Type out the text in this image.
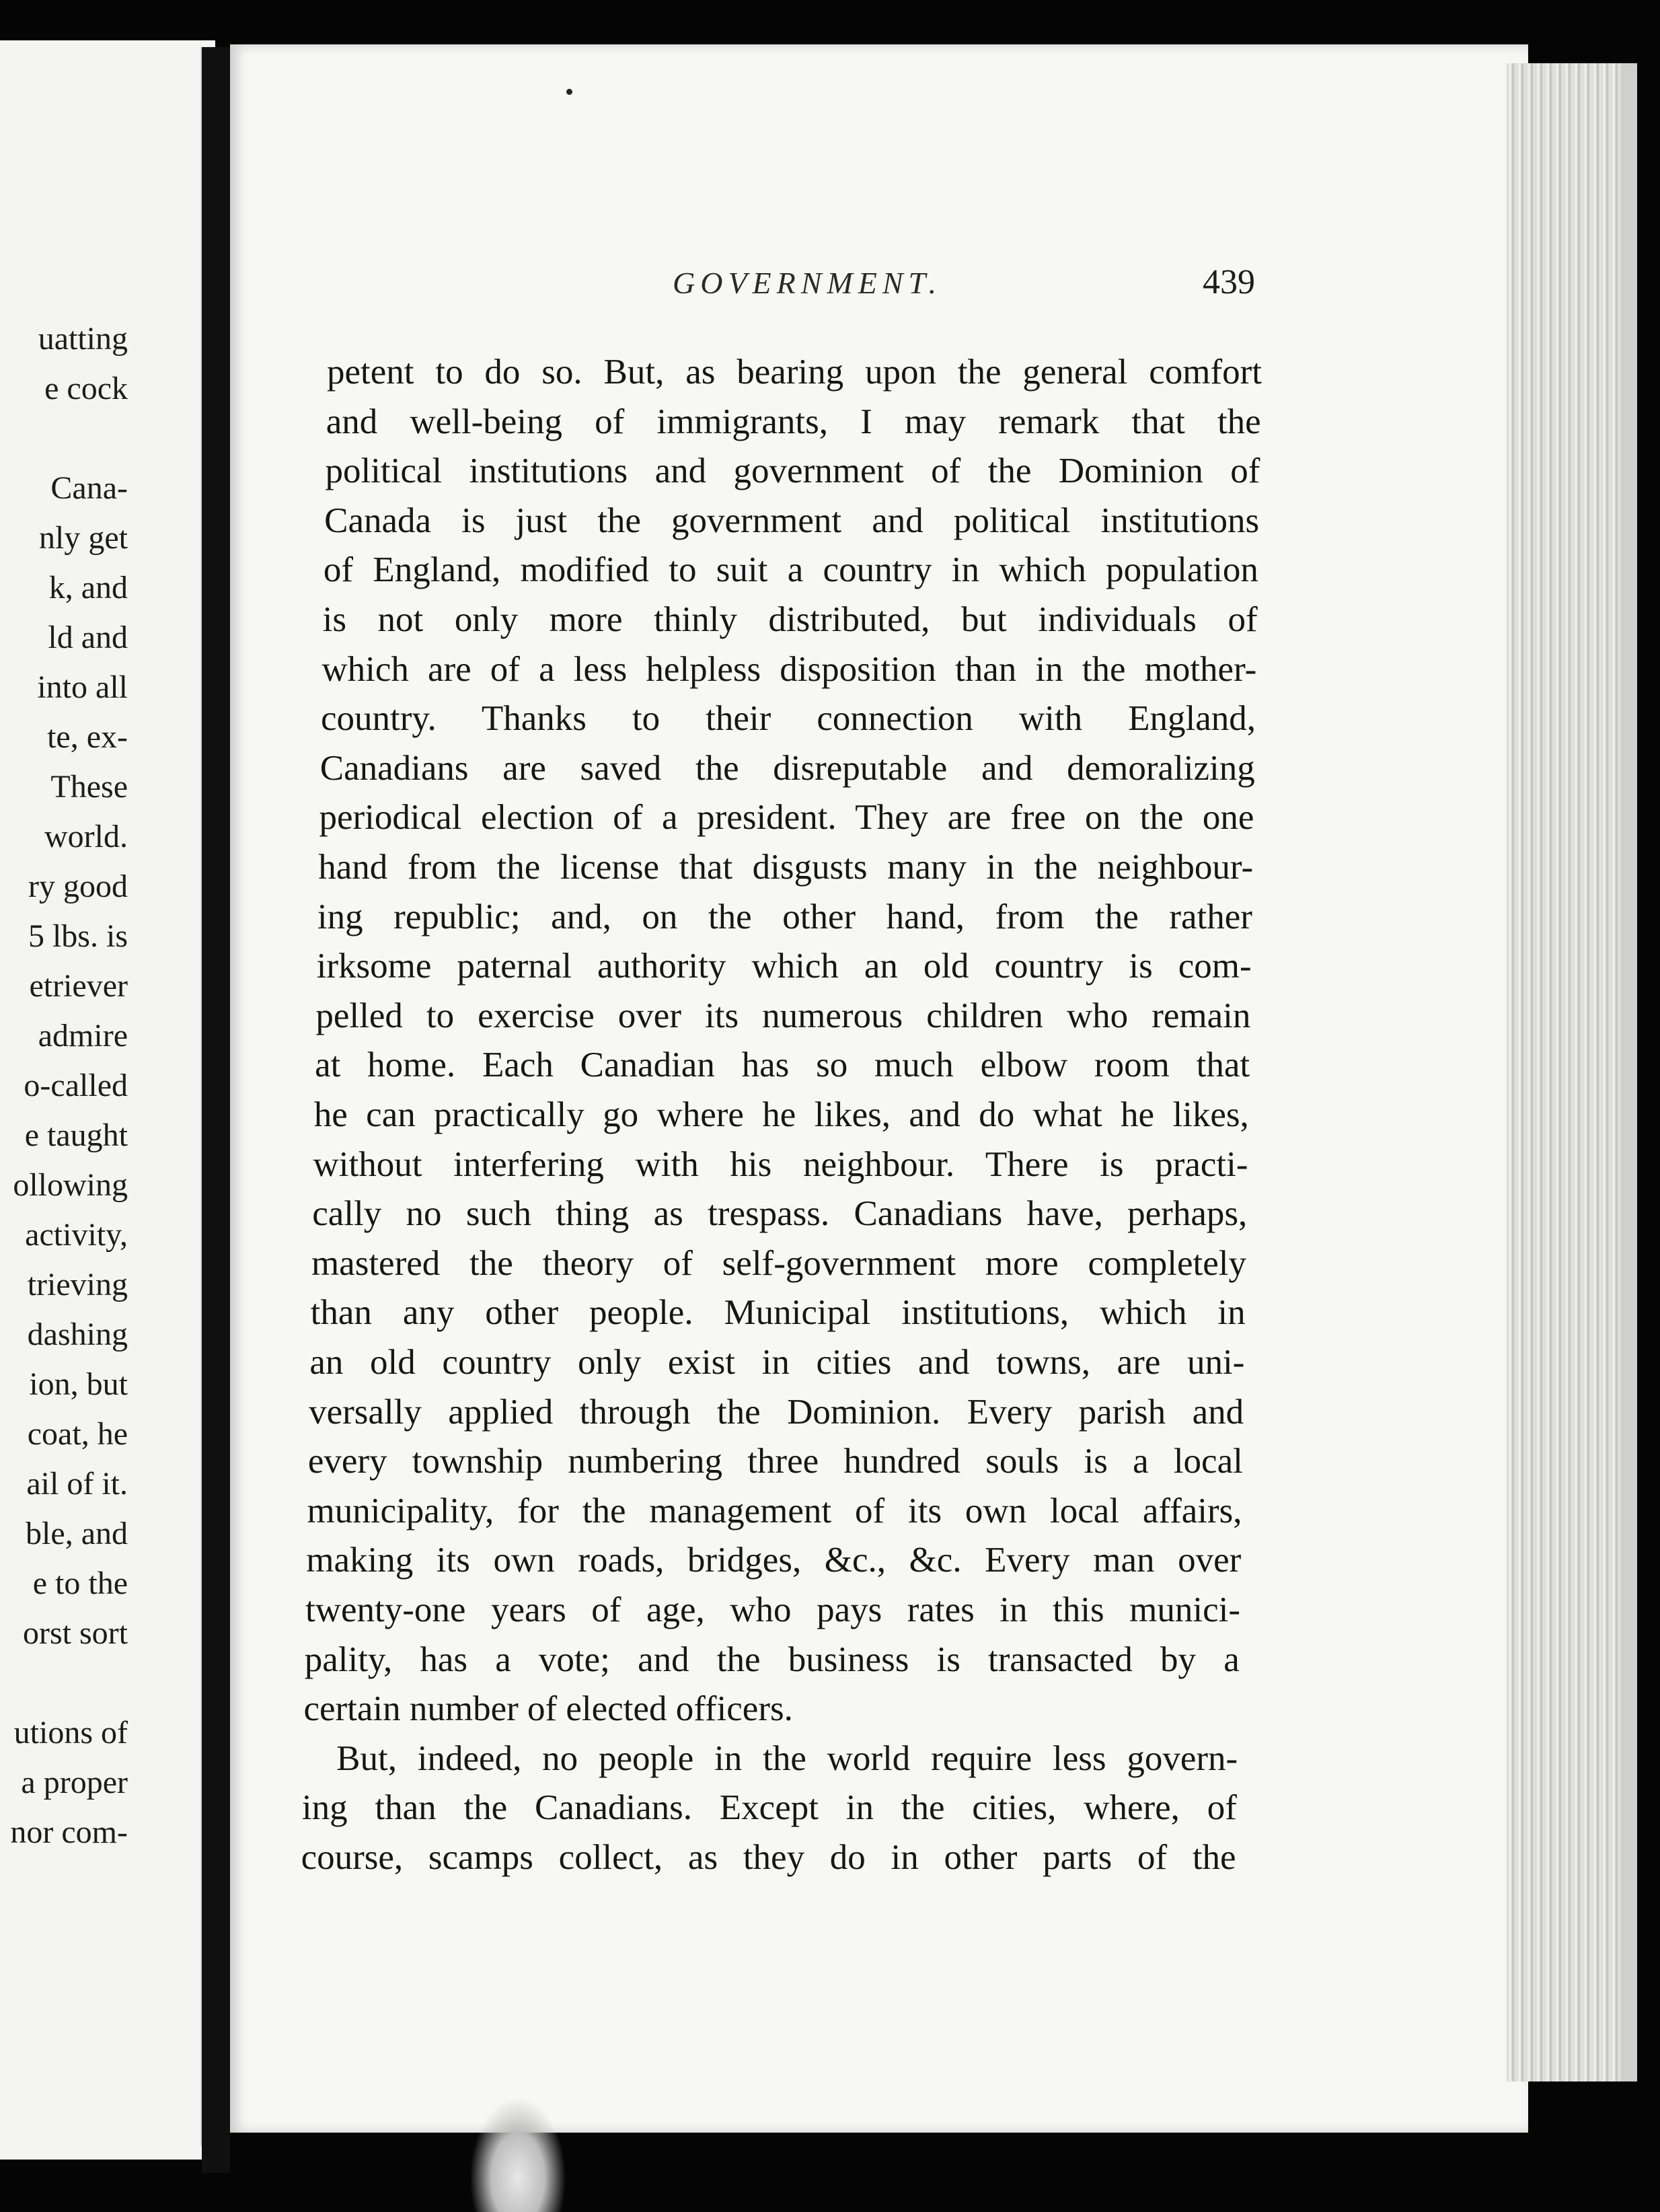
uatting
e cock
Cana-
nly get
k, and
ld and
into all
te, ex-
These
world.
ry good
5 lbs. is
etriever
admire
o-called
e taught
ollowing
activity,
trieving
dashing
ion, but
coat, he
ail of it.
ble, and
e to the
orst sort
utions of
a proper
nor com-
GOVERNMENT.	439
petent to do so. But, as bearing upon the general comfort
and well-being of immigrants, I may remark that the
political institutions and government of the Dominion of
Canada is just the government and political institutions
of England, modified to suit a country in which population
is not only more thinly distributed, but individuals of
which are of a less helpless disposition than in the mother-
country. Thanks to their connection with England,
Canadians are saved the disreputable and demoralizing
periodical election of a president. They are free on the one
hand from the license that disgusts many in the neighbour-
ing republic; and, on the other hand, from the rather
irksome paternal authority which an old country is com-
pelled to exercise over its numerous children who remain
at home. Each Canadian has so much elbow room that
he can practically go where he likes, and do what he likes,
without interfering with his neighbour. There is practi-
cally no such thing as trespass. Canadians have, perhaps,
mastered the theory of self-government more completely
than any other people. Municipal institutions, which in
an old country only exist in cities and towns, are uni-
versally applied through the Dominion. Every parish and
every township numbering three hundred souls is a local
municipality, for the management of its own local affairs,
making its own roads, bridges, &c., &c. Every man over
twenty-one years of age, who pays rates in this munici-
pality, has a vote; and the business is transacted by a
certain number of elected officers.
But, indeed, no people in the world require less govern-
ing than the Canadians. Except in the cities, where, of
course, scamps collect, as they do in other parts of the
